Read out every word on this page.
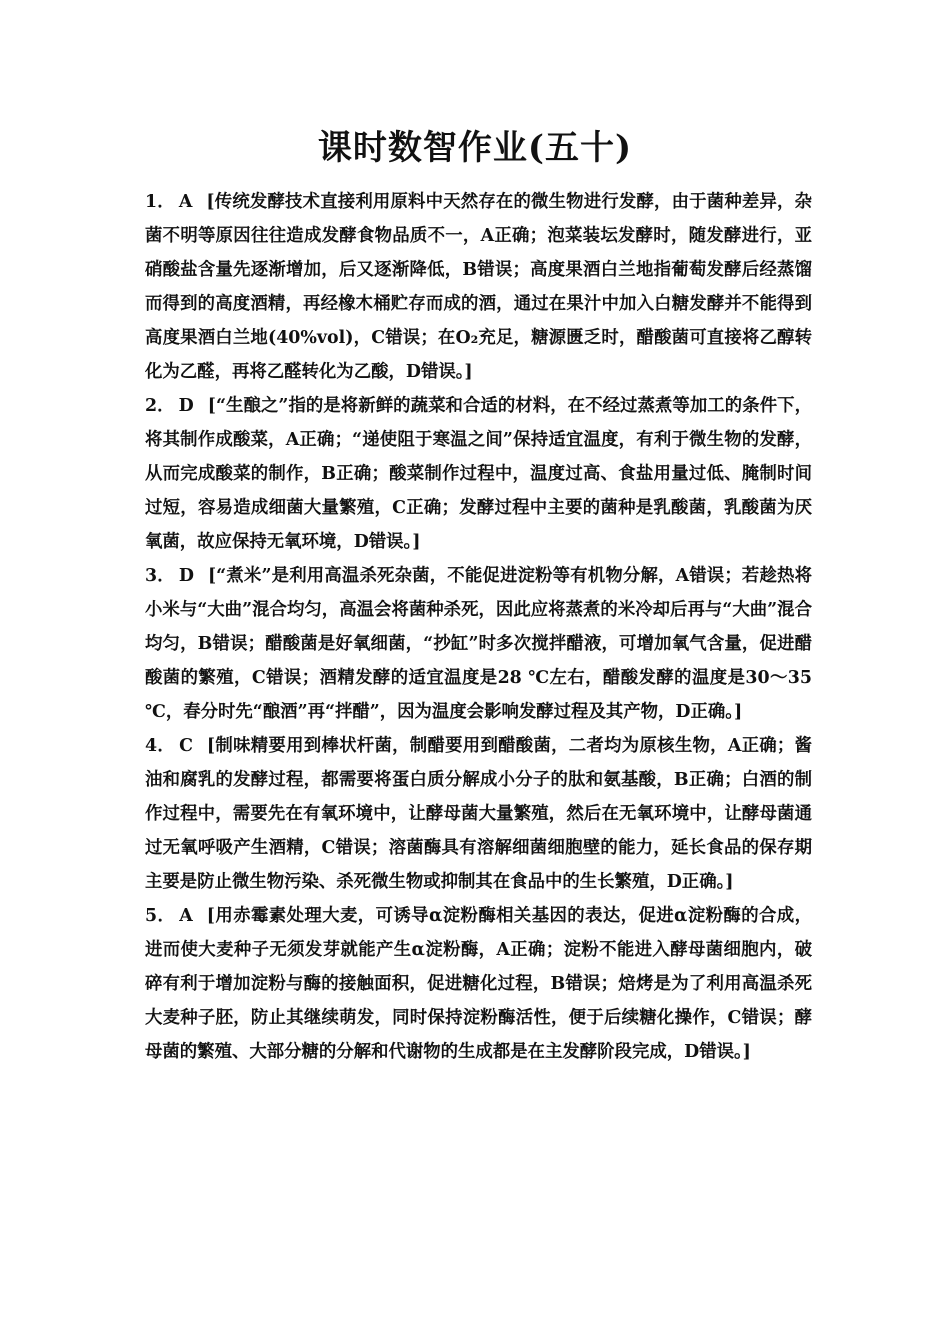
课时数智作业(五十)

1． A [传统发酵技术直接利用原料中天然存在的微生物进行发酵，由于菌种差异，杂菌不明等原因往往造成发酵食物品质不一，A正确；泡菜装坛发酵时，随发酵进行，亚硝酸盐含量先逐渐增加，后又逐渐降低，B错误；高度果酒白兰地指葡萄发酵后经蒸馏而得到的高度酒精，再经橡木桶贮存而成的酒，通过在果汁中加入白糖发酵并不能得到高度果酒白兰地(40%vol)，C错误；在O₂充足，糖源匮乏时，醋酸菌可直接将乙醇转化为乙醛，再将乙醛转化为乙酸，D错误。]

2． D [“生酿之”指的是将新鲜的蔬菜和合适的材料，在不经过蒸煮等加工的条件下，将其制作成酸菜，A正确；“递使阻于寒温之间”保持适宜温度，有利于微生物的发酵，从而完成酸菜的制作，B正确；酸菜制作过程中，温度过高、食盐用量过低、腌制时间过短，容易造成细菌大量繁殖，C正确；发酵过程中主要的菌种是乳酸菌，乳酸菌为厌氧菌，故应保持无氧环境，D错误。]

3． D [“煮米”是利用高温杀死杂菌，不能促进淀粉等有机物分解，A错误；若趁热将小米与“大曲”混合均匀，高温会将菌种杀死，因此应将蒸煮的米冷却后再与“大曲”混合均匀，B错误；醋酸菌是好氧细菌，“抄缸”时多次搅拌醋液，可增加氧气含量，促进醋酸菌的繁殖，C错误；酒精发酵的适宜温度是28 ℃左右，醋酸发酵的温度是30～35 ℃，春分时先“酿酒”再“拌醋”，因为温度会影响发酵过程及其产物，D正确。]

4． C [制味精要用到棒状杆菌，制醋要用到醋酸菌，二者均为原核生物，A正确；酱油和腐乳的发酵过程，都需要将蛋白质分解成小分子的肽和氨基酸，B正确；白酒的制作过程中，需要先在有氧环境中，让酵母菌大量繁殖，然后在无氧环境中，让酵母菌通过无氧呼吸产生酒精，C错误；溶菌酶具有溶解细菌细胞壁的能力，延长食品的保存期主要是防止微生物污染、杀死微生物或抑制其在食品中的生长繁殖，D正确。]

5． A [用赤霉素处理大麦，可诱导α淀粉酶相关基因的表达，促进α淀粉酶的合成，进而使大麦种子无须发芽就能产生α淀粉酶，A正确；淀粉不能进入酵母菌细胞内，破碎有利于增加淀粉与酶的接触面积，促进糖化过程，B错误；焙烤是为了利用高温杀死大麦种子胚，防止其继续萌发，同时保持淀粉酶活性，便于后续糖化操作，C错误；酵母菌的繁殖、大部分糖的分解和代谢物的生成都是在主发酵阶段完成，D错误。]
